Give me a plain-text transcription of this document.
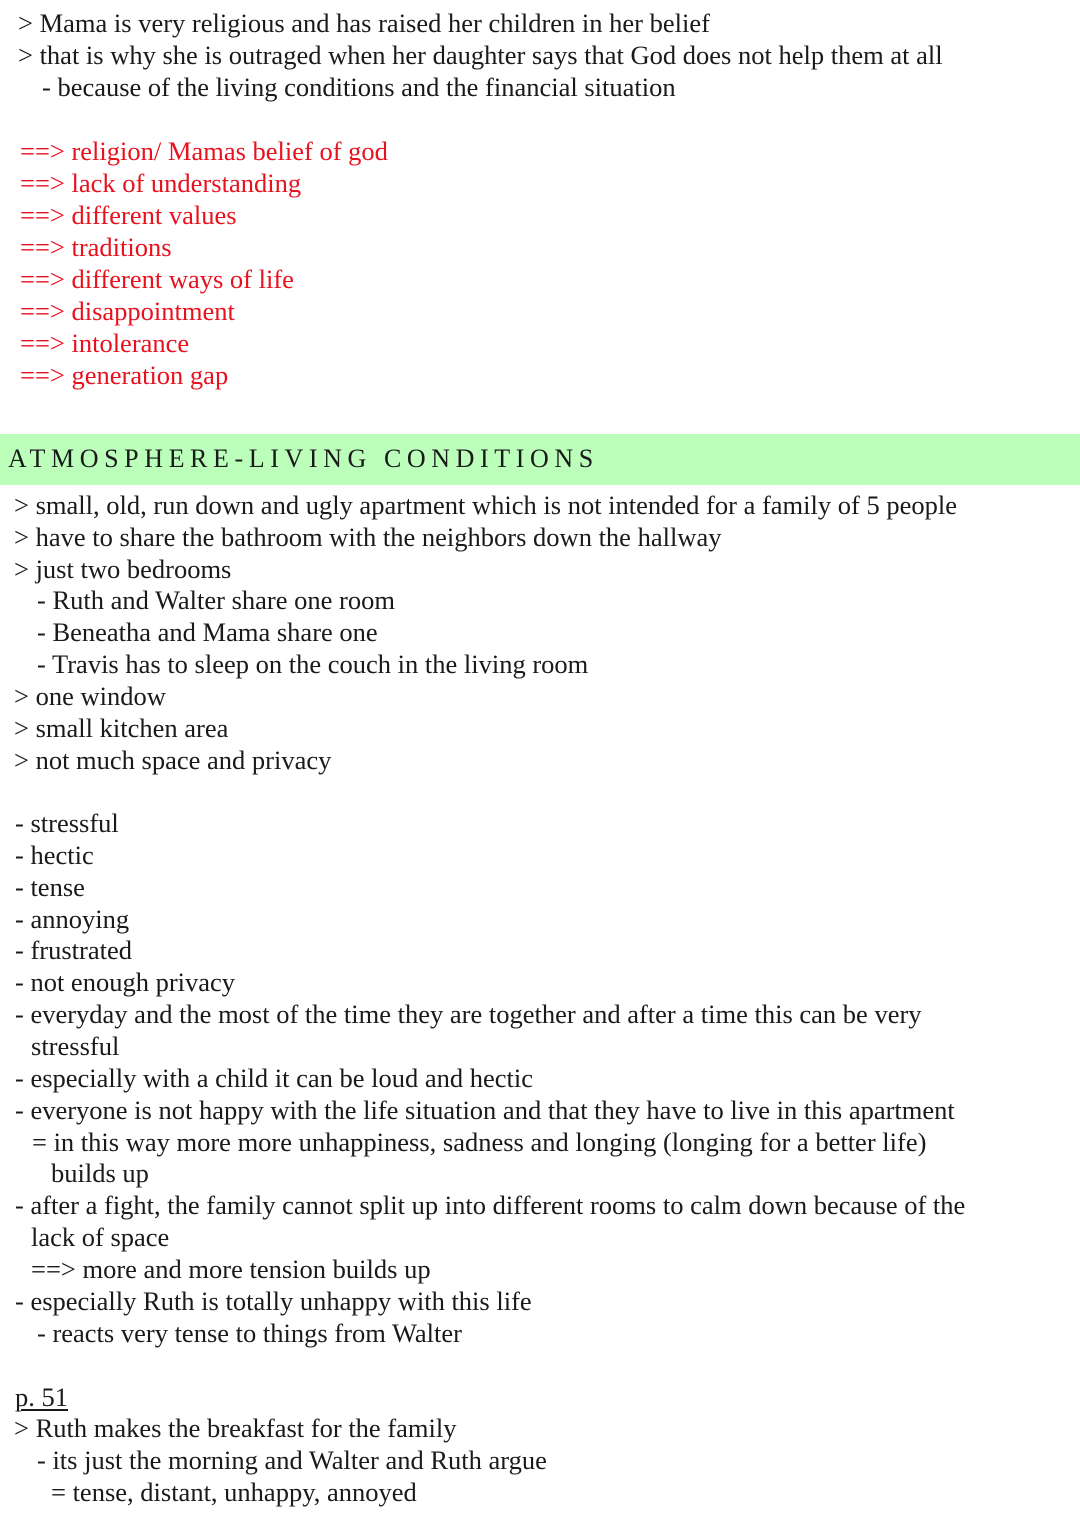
> Mama is very religious and has raised her children in her belief
> that is why she is outraged when her daughter says that God does not help them at all
- because of the living conditions and the financial situation
==> religion/ Mamas belief of god
==> lack of understanding
==> different values
==> traditions
==> different ways of life
==> disappointment
==> intolerance
==> generation gap
ATMOSPHERE-LIVING CONDITIONS
> small, old, run down and ugly apartment which is not intended for a family of 5 people
> have to share the bathroom with the neighbors down the hallway
> just two bedrooms
- Ruth and Walter share one room
- Beneatha and Mama share one
- Travis has to sleep on the couch in the living room
> one window
> small kitchen area
> not much space and privacy
- stressful
- hectic
- tense
- annoying
- frustrated
- not enough privacy
- everyday and the most of the time they are together and after a time this can be very
stressful
- especially with a child it can be loud and hectic
- everyone is not happy with the life situation and that they have to live in this apartment
= in this way more more unhappiness, sadness and longing (longing for a better life)
builds up
- after a fight, the family cannot split up into different rooms to calm down because of the
lack of space
==> more and more tension builds up
- especially Ruth is totally unhappy with this life
- reacts very tense to things from Walter
p. 51
> Ruth makes the breakfast for the family
- its just the morning and Walter and Ruth argue
= tense, distant, unhappy, annoyed
